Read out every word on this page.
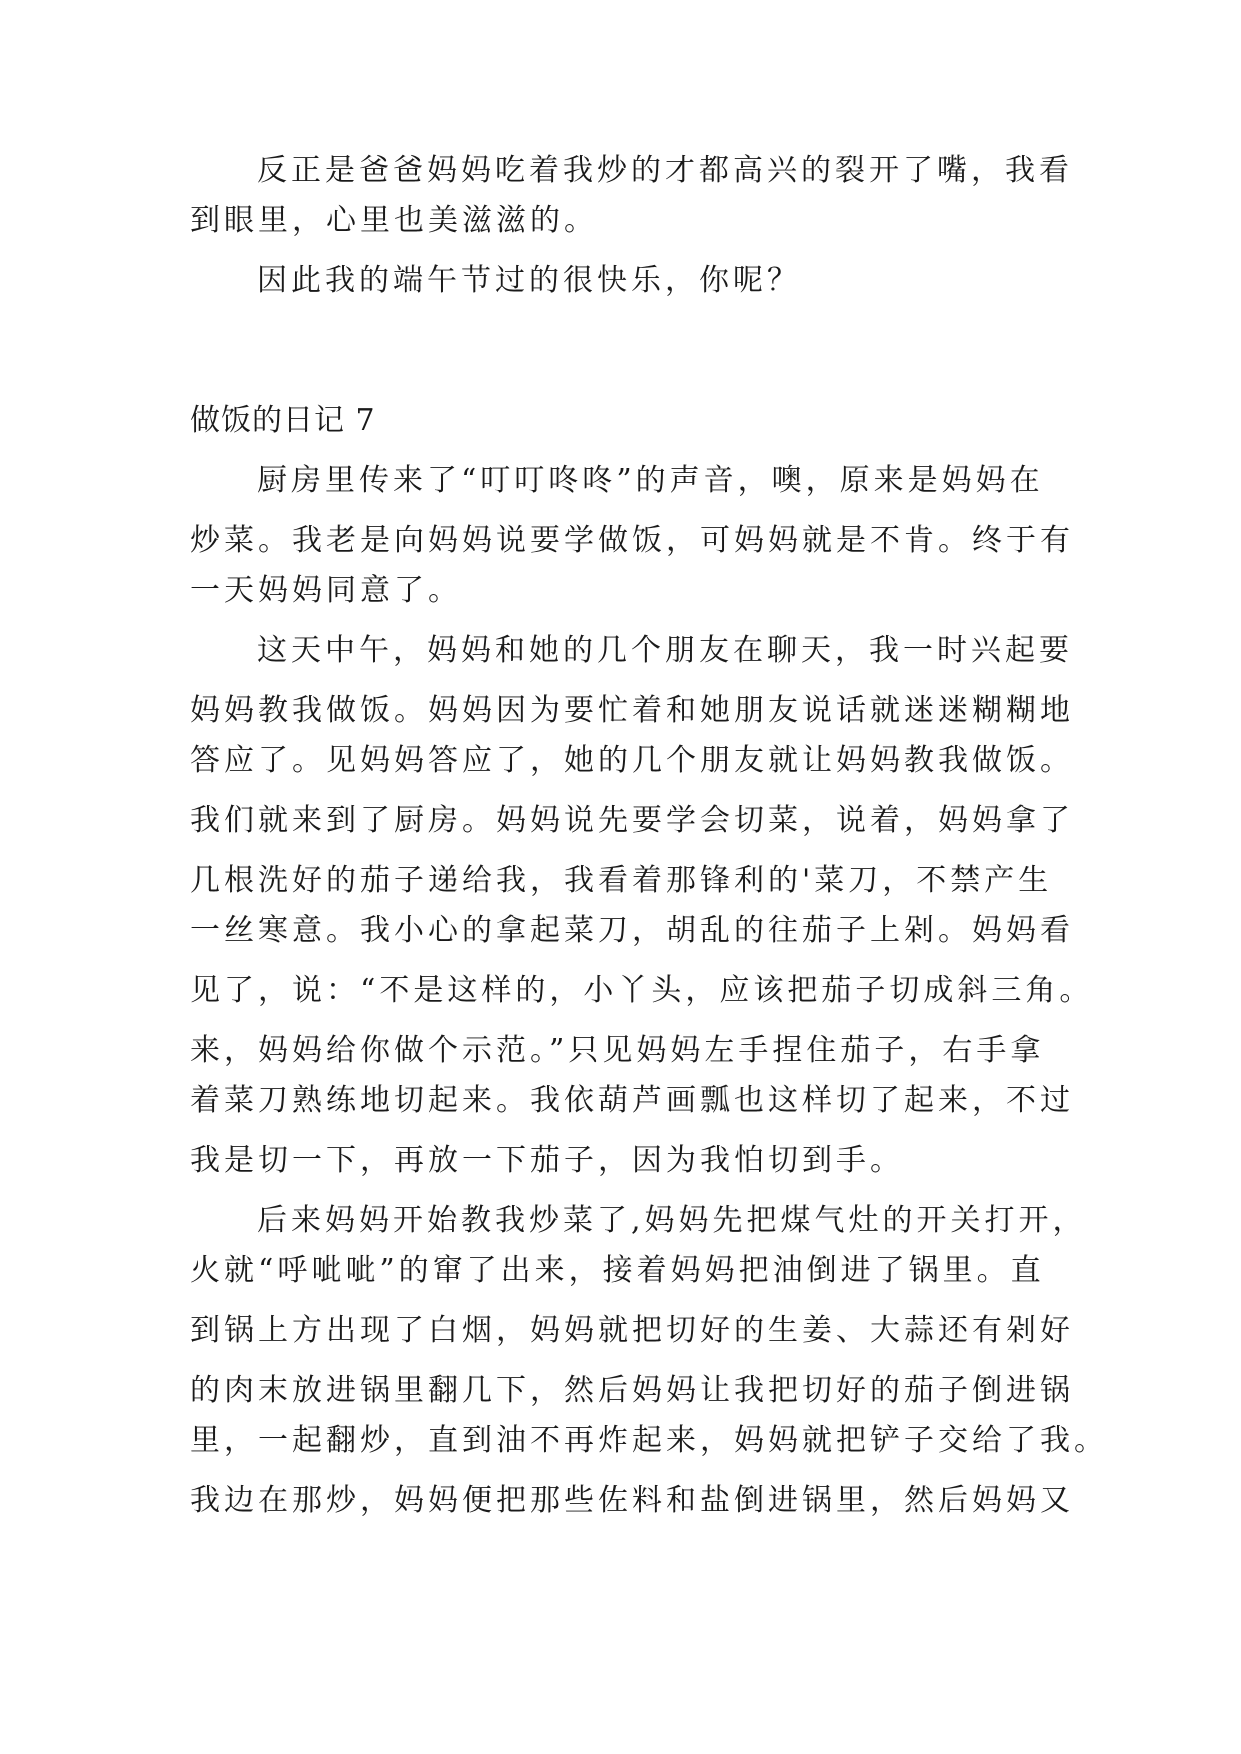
反正是爸爸妈妈吃着我炒的才都高兴的裂开了嘴，我看

到眼里，心里也美滋滋的。

因此我的端午节过的很快乐，你呢？

做饭的日记 7

厨房里传来了“叮叮咚咚”的声音，噢，原来是妈妈在

炒菜。我老是向妈妈说要学做饭，可妈妈就是不肯。终于有

一天妈妈同意了。

这天中午，妈妈和她的几个朋友在聊天，我一时兴起要

妈妈教我做饭。妈妈因为要忙着和她朋友说话就迷迷糊糊地

答应了。见妈妈答应了，她的几个朋友就让妈妈教我做饭。

我们就来到了厨房。妈妈说先要学会切菜，说着，妈妈拿了

几根洗好的茄子递给我，我看着那锋利的'菜刀，不禁产生

一丝寒意。我小心的拿起菜刀，胡乱的往茄子上剁。妈妈看

见了，说：“不是这样的，小丫头，应该把茄子切成斜三角。

来，妈妈给你做个示范。”只见妈妈左手捏住茄子，右手拿

着菜刀熟练地切起来。我依葫芦画瓢也这样切了起来，不过

我是切一下，再放一下茄子，因为我怕切到手。

后来妈妈开始教我炒菜了,妈妈先把煤气灶的开关打开，

火就“呼呲呲”的窜了出来，接着妈妈把油倒进了锅里。直

到锅上方出现了白烟，妈妈就把切好的生姜、大蒜还有剁好

的肉末放进锅里翻几下，然后妈妈让我把切好的茄子倒进锅

里，一起翻炒，直到油不再炸起来，妈妈就把铲子交给了我。

我边在那炒，妈妈便把那些佐料和盐倒进锅里，然后妈妈又
